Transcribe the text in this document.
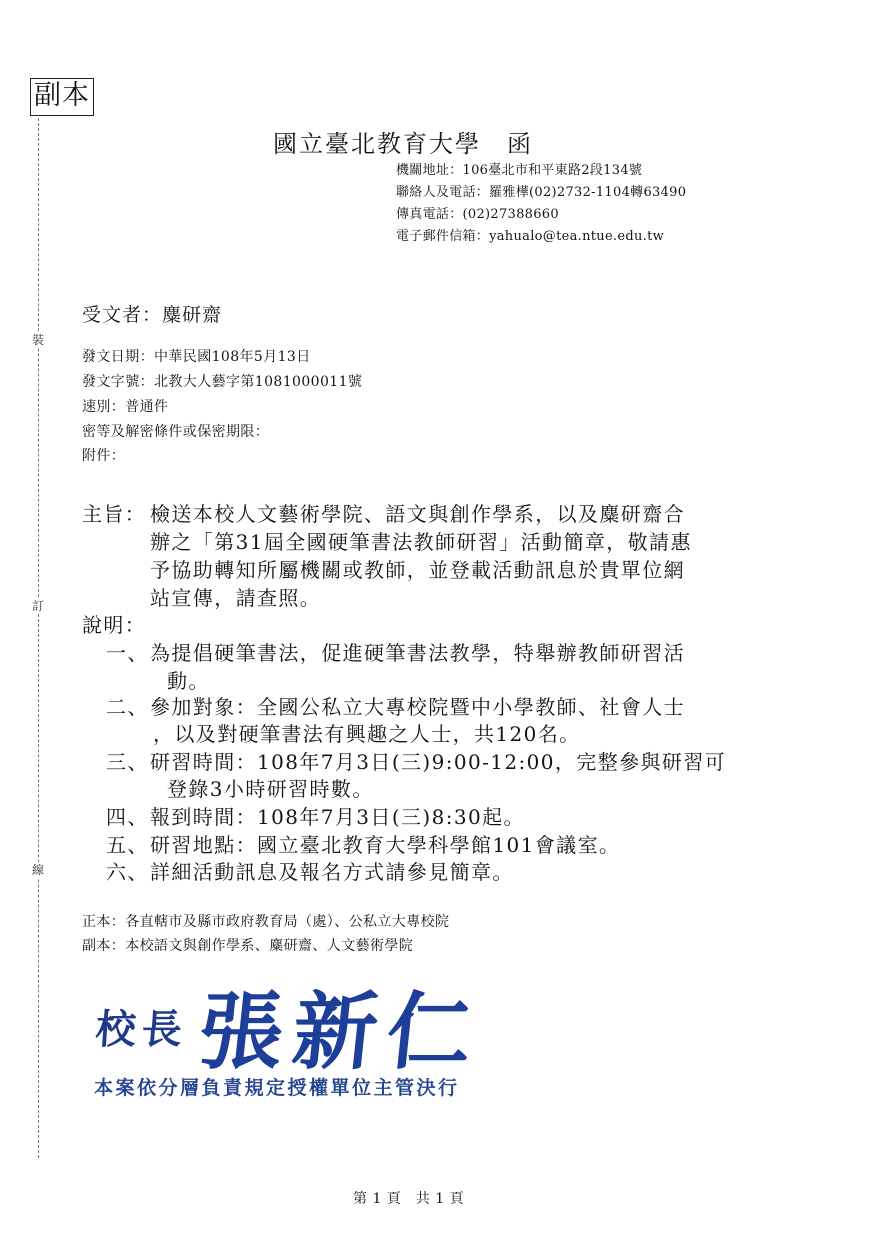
副本
裝
訂
線
國立臺北教育大學　函
機關地址：106臺北市和平東路2段134號
聯絡人及電話：羅雅樺(02)2732-1104轉63490
傳真電話：(02)27388660
電子郵件信箱：yahualo@tea.ntue.edu.tw
受文者：麋研齋
發文日期：中華民國108年5月13日
發文字號：北教大人藝字第1081000011號
速別：普通件
密等及解密條件或保密期限：
附件：
主旨： 檢送本校人文藝術學院、語文與創作學系，以及麋研齋合
辦之「第31屆全國硬筆書法教師研習」活動簡章，敬請惠
予協助轉知所屬機關或教師，並登載活動訊息於貴單位網
站宣傳，請查照。
說明：
一、 為提倡硬筆書法，促進硬筆書法教學，特舉辦教師研習活
動。
二、 參加對象：全國公私立大專校院暨中小學教師、社會人士
，以及對硬筆書法有興趣之人士，共120名。
三、 研習時間：108年7月3日(三)9:00-12:00，完整參與研習可
登錄3小時研習時數。
四、 報到時間：108年7月3日(三)8:30起。
五、 研習地點：國立臺北教育大學科學館101會議室。
六、 詳細活動訊息及報名方式請參見簡章。
正本：各直轄市及縣市政府教育局（處）、公私立大專校院
副本：本校語文與創作學系、麋研齋、人文藝術學院
校長 張新仁
本案依分層負責規定授權單位主管決行
第 1 頁　共 1 頁
